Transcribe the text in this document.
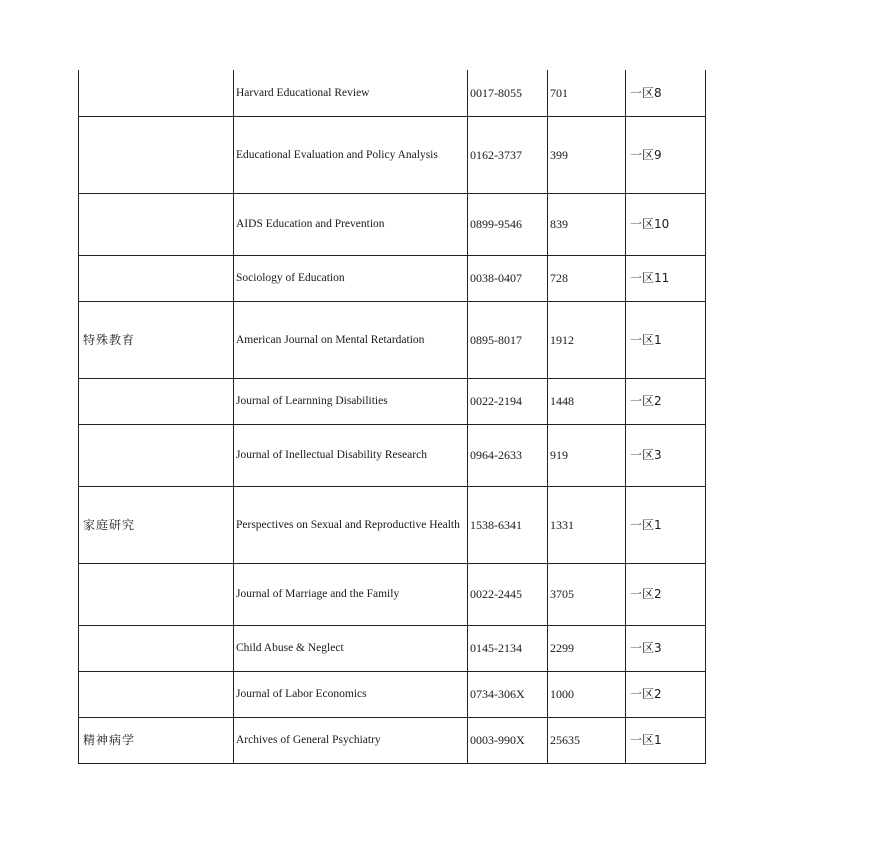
	Harvard Educational Review	0017-8055	701	一区8
	Educational Evaluation and Policy Analysis	0162-3737	399	一区9
	AIDS Education and Prevention	0899-9546	839	一区10
	Sociology of Education	0038-0407	728	一区11
特殊教育	American Journal on Mental Retardation	0895-8017	1912	一区1
	Journal of Learnning Disabilities	0022-2194	1448	一区2
	Journal of Inellectual Disability Research	0964-2633	919	一区3
家庭研究	Perspectives on Sexual and Reproductive Health	1538-6341	1331	一区1
	Journal of Marriage and the Family	0022-2445	3705	一区2
	Child Abuse & Neglect	0145-2134	2299	一区3
	Journal of Labor Economics	0734-306X	1000	一区2
精神病学	Archives of General Psychiatry	0003-990X	25635	一区1
